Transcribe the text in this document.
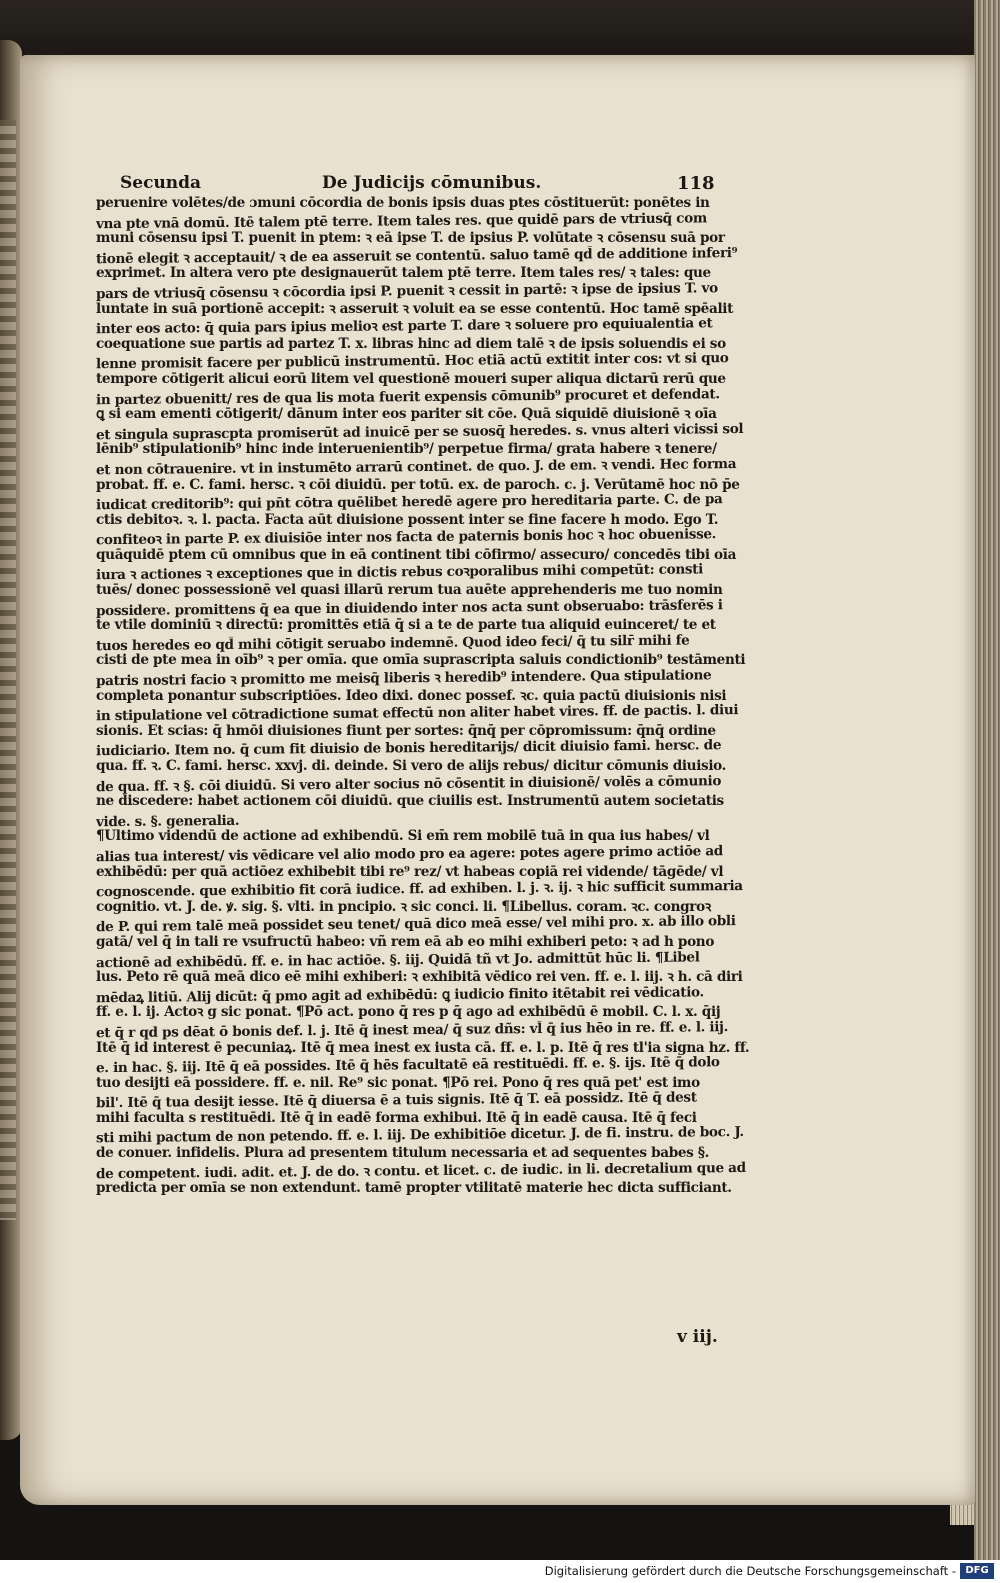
Secunda	De Judicijs cōmunibus.	118
peruenire volētes/de ɔmuni cōcordia de bonis ipsis duas ptes cōstituerūt: ponētes in
vna pte vnā domū. Itē talem ptē terre. Item tales res. que quidē pars de vtriusq̄ com
muni cōsensu ipsi T. puenit in ptem: ꝛ eā ipse T. de ipsius P. volūtate ꝛ cōsensu suā por
tionē elegit ꝛ acceptauit/ ꝛ de ea asseruit se contentū. saluo tamē qd̄ de additione inferi⁹
exprimet. In altera vero pte designauerūt talem ptē terre. Item tales res/ ꝛ tales: que
pars de vtriusq̄ cōsensu ꝛ cōcordia ipsi P. puenit ꝛ cessit in partē: ꝛ ipse de ipsius T. vo
luntate in suā portionē accepit: ꝛ asseruit ꝛ voluit ea se esse contentū. Hoc tamē spēalit
inter eos acto: q̄ quia pars ipius melioꝛ est parte T. dare ꝛ soluere pro equiualentia et
coequatione sue partis ad partez T. x. libras hinc ad diem talē ꝛ de ipsis soluendis ei so
lenne promisit facere per publicū instrumentū. Hoc etiā actū extitit inter cos: vt si quo
tempore cōtigerit alicui eorū litem vel questionē moueri super aliqua dictarū rerū que
in partez obuenitt/ res de qua lis mota fuerit expensis cōmunib⁹ procuret et defendat.
ꝗ si eam ementi cōtigerit/ dānum inter eos pariter sit cōe. Quā siquidē diuisionē ꝛ oīa
et singula suprascpta promiserūt ad inuicē per se suosq̄ heredes. s. vnus alteri vicissi sol
lēnib⁹ stipulationib⁹ hinc inde interuenientib⁹/ perpetue firma/ grata habere ꝛ tenere/
et non cōtrauenire. vt in instumēto arrarū continet. de quo. J. de em. ꝛ vendi. Hec forma
probat. ff. e. C. fami. hersc. ꝛ cōi diuidū. per totū. ex. de paroch. c. j. Verūtamē hoc nō p̄e
iudicat creditorib⁹: qui pn̄t cōtra quēlibet heredē agere pro hereditaria parte. C. de pa
ctis debitoꝛ. ꝛ. l. pacta. Facta aūt diuisione possent inter se fine facere h modo. Ego T.
confiteoꝛ in parte P. ex diuisiōe inter nos facta de paternis bonis hoc ꝛ hoc obuenisse.
quāquidē ptem cū omnibus que in eā continent tibi cōfirmo/ assecuro/ concedēs tibi oīa
iura ꝛ actiones ꝛ exceptiones que in dictis rebus coꝛporalibus mihi competūt: consti
tuēs/ donec possessionē vel quasi illarū rerum tua auēte apprehenderis me tuo nomin
possidere. promittens q̄ ea que in diuidendo inter nos acta sunt obseruabo: trāsferēs i
te vtile dominiū ꝛ directū: promittēs etiā q̄ si a te de parte tua aliquid euinceret/ te et
tuos heredes eo qd̄ mihi cōtigit seruabo indemnē. Quod ideo feci/ q̄ tu silr̄ mihi fe
cisti de pte mea in oīb⁹ ꝛ per omīa. que omīa suprascripta saluis condictionib⁹ testāmenti
patris nostri facio ꝛ promitto me meisq̄ liberis ꝛ heredib⁹ intendere. Qua stipulatione
completa ponantur subscriptiōes. Ideo dixi. donec possef. ꝛc. quia pactū diuisionis nisi
in stipulatione vel cōtradictione sumat effectū non aliter habet vires. ff. de pactis. l. diui
sionis. Et scias: q̄ hmōi diuisiones fiunt per sortes: q̄nq̄ per cōpromissum: q̄nq̄ ordine
iudiciario. Item no. q̄ cum fit diuisio de bonis hereditarijs/ dicit diuisio fami. hersc. de
qua. ff. ꝛ. C. fami. hersc. xxvj. di. deinde. Si vero de alijs rebus/ dicitur cōmunis diuisio.
de qua. ff. ꝛ §. cōi diuidū. Si vero alter socius nō cōsentit in diuisionē/ volēs a cōmunio
ne discedere: habet actionem cōi diuidū. que ciuilis est. Instrumentū autem societatis
vide. s. §. generalia.
¶Ultimo videndū de actione ad exhibendū. Si em̄ rem mobilē tuā in qua ius habes/ vl̄
alias tua interest/ vis vēdicare vel alio modo pro ea agere: potes agere primo actiōe ad
exhibēdū: per quā actiōez exhibebit tibi re⁹ rez/ vt habeas copiā rei vidende/ tāgēde/ vl̄
cognoscende. que exhibitio fit corā iudice. ff. ad exhiben. l. j. ꝛ. ij. ꝛ hic sufficit summaria
cognitio. vt. J. de. ꝟ. sig. §. vlti. in pncipio. ꝛ sic conci. li. ¶Libellus. coram. ꝛc. congroꝛ
de P. qui rem talē meā possidet seu tenet/ quā dico meā esse/ vel mihi pro. x. ab illo obli
gatā/ vel q̄ in tali re vsufructū habeo: vñ rem eā ab eo mihi exhiberi peto: ꝛ ad h pono
actionē ad exhibēdū. ff. e. in hac actiōe. §. iij. Quidā tñ vt Jo. admittūt hūc li. ¶Libel
lus. Peto rē quā meā dico eē mihi exhiberi: ꝛ exhibitā vēdico rei ven. ff. e. l. iij. ꝛ h. cā diri
mēdaꝝ litiū. Alij dicūt: q̄ pmo agit ad exhibēdū: ꝗ iudicio finito itētabit rei vēdicatio.
ff. e. l. ij. Actoꝛ g sic ponat. ¶Pō act. pono q̄ res p q̄ ago ad exhibēdū ē mobil. C. l. x. q̄ij
et q̄ r qd ps dēat ō bonis def. l. j. Itē q̄ inest mea/ q̄ suz dñs: vl̄ q̄ ius hēo in re. ff. e. l. iij.
Itē q̄ id interest ē pecuniaꝝ. Itē q̄ mea inest ex iusta cā. ff. e. l. p. Itē q̄ res tl'ia signa hz. ff.
e. in hac. §. iij. Itē q̄ eā possides. Itē q̄ hēs facultatē eā restituēdi. ff. e. §. ijs. Itē q̄ dolo
tuo desijti eā possidere. ff. e. nil. Re⁹ sic ponat. ¶Pō rei. Pono q̄ res quā pet' est imo
bil'. Itē q̄ tua desijt iesse. Itē q̄ diuersa ē a tuis signis. Itē q̄ T. eā possidz. Itē q̄ dest
mihi faculta s restituēdi. Itē q̄ in eadē forma exhibui. Itē q̄ in eadē causa. Itē q̄ feci
sti mihi pactum de non petendo. ff. e. l. iij. De exhibitiōe dicetur. J. de fi. instru. de boc. J.
de conuer. infidelis. Plura ad presentem titulum necessaria et ad sequentes babes §.
de competent. iudi. adit. et. J. de do. ꝛ contu. et licet. c. de iudic. in li. decretalium que ad
predicta per omīa se non extendunt. tamē propter vtilitatē materie hec dicta sufficiant.
v iij.
Digitalisierung gefördert durch die Deutsche Forschungsgemeinschaft - DFG
